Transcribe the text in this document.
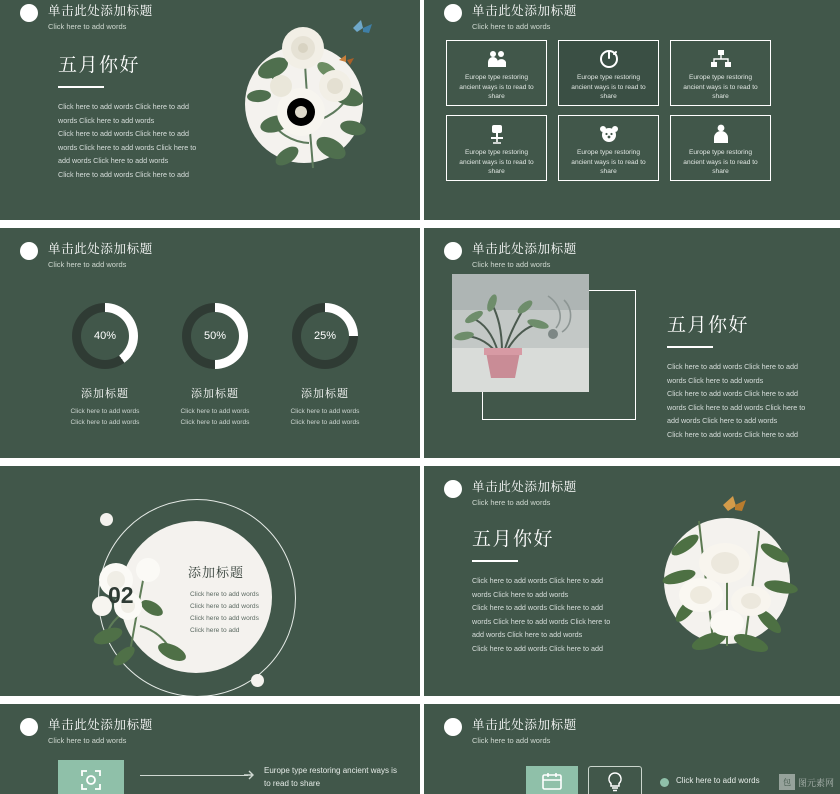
单击此处添加标题
Click here to add words
五月你好
Click here to add words Click here to add
words Click here to add words
Click here to add words Click here to add
words Click here to add words Click here to
add words Click here to add words
Click here to add words Click here to add
单击此处添加标题
Click here to add words
Europe type restoring ancient ways is to read to share
Europe type restoring ancient ways is to read to share
Europe type restoring ancient ways is to read to share
Europe type restoring ancient ways is to read to share
Europe type restoring ancient ways is to read to share
Europe type restoring ancient ways is to read to share
单击此处添加标题
Click here to add words
40%
添加标题
Click here to add words
Click here to add words
50%
添加标题
Click here to add words
Click here to add words
25%
添加标题
Click here to add words
Click here to add words
单击此处添加标题
Click here to add words
五月你好
Click here to add words Click here to add
words Click here to add words
Click here to add words Click here to add
words Click here to add words Click here to
add words Click here to add words
Click here to add words Click here to add
02
添加标题
Click here to add words
Click here to add words
Click here to add words
Click here to add
单击此处添加标题
Click here to add words
五月你好
Click here to add words Click here to add
words Click here to add words
Click here to add words Click here to add
words Click here to add words Click here to
add words Click here to add words
Click here to add words Click here to add
单击此处添加标题
Click here to add words
Europe type restoring ancient ways is to read to share
单击此处添加标题
Click here to add words
Click here to add words	包 图元素网
